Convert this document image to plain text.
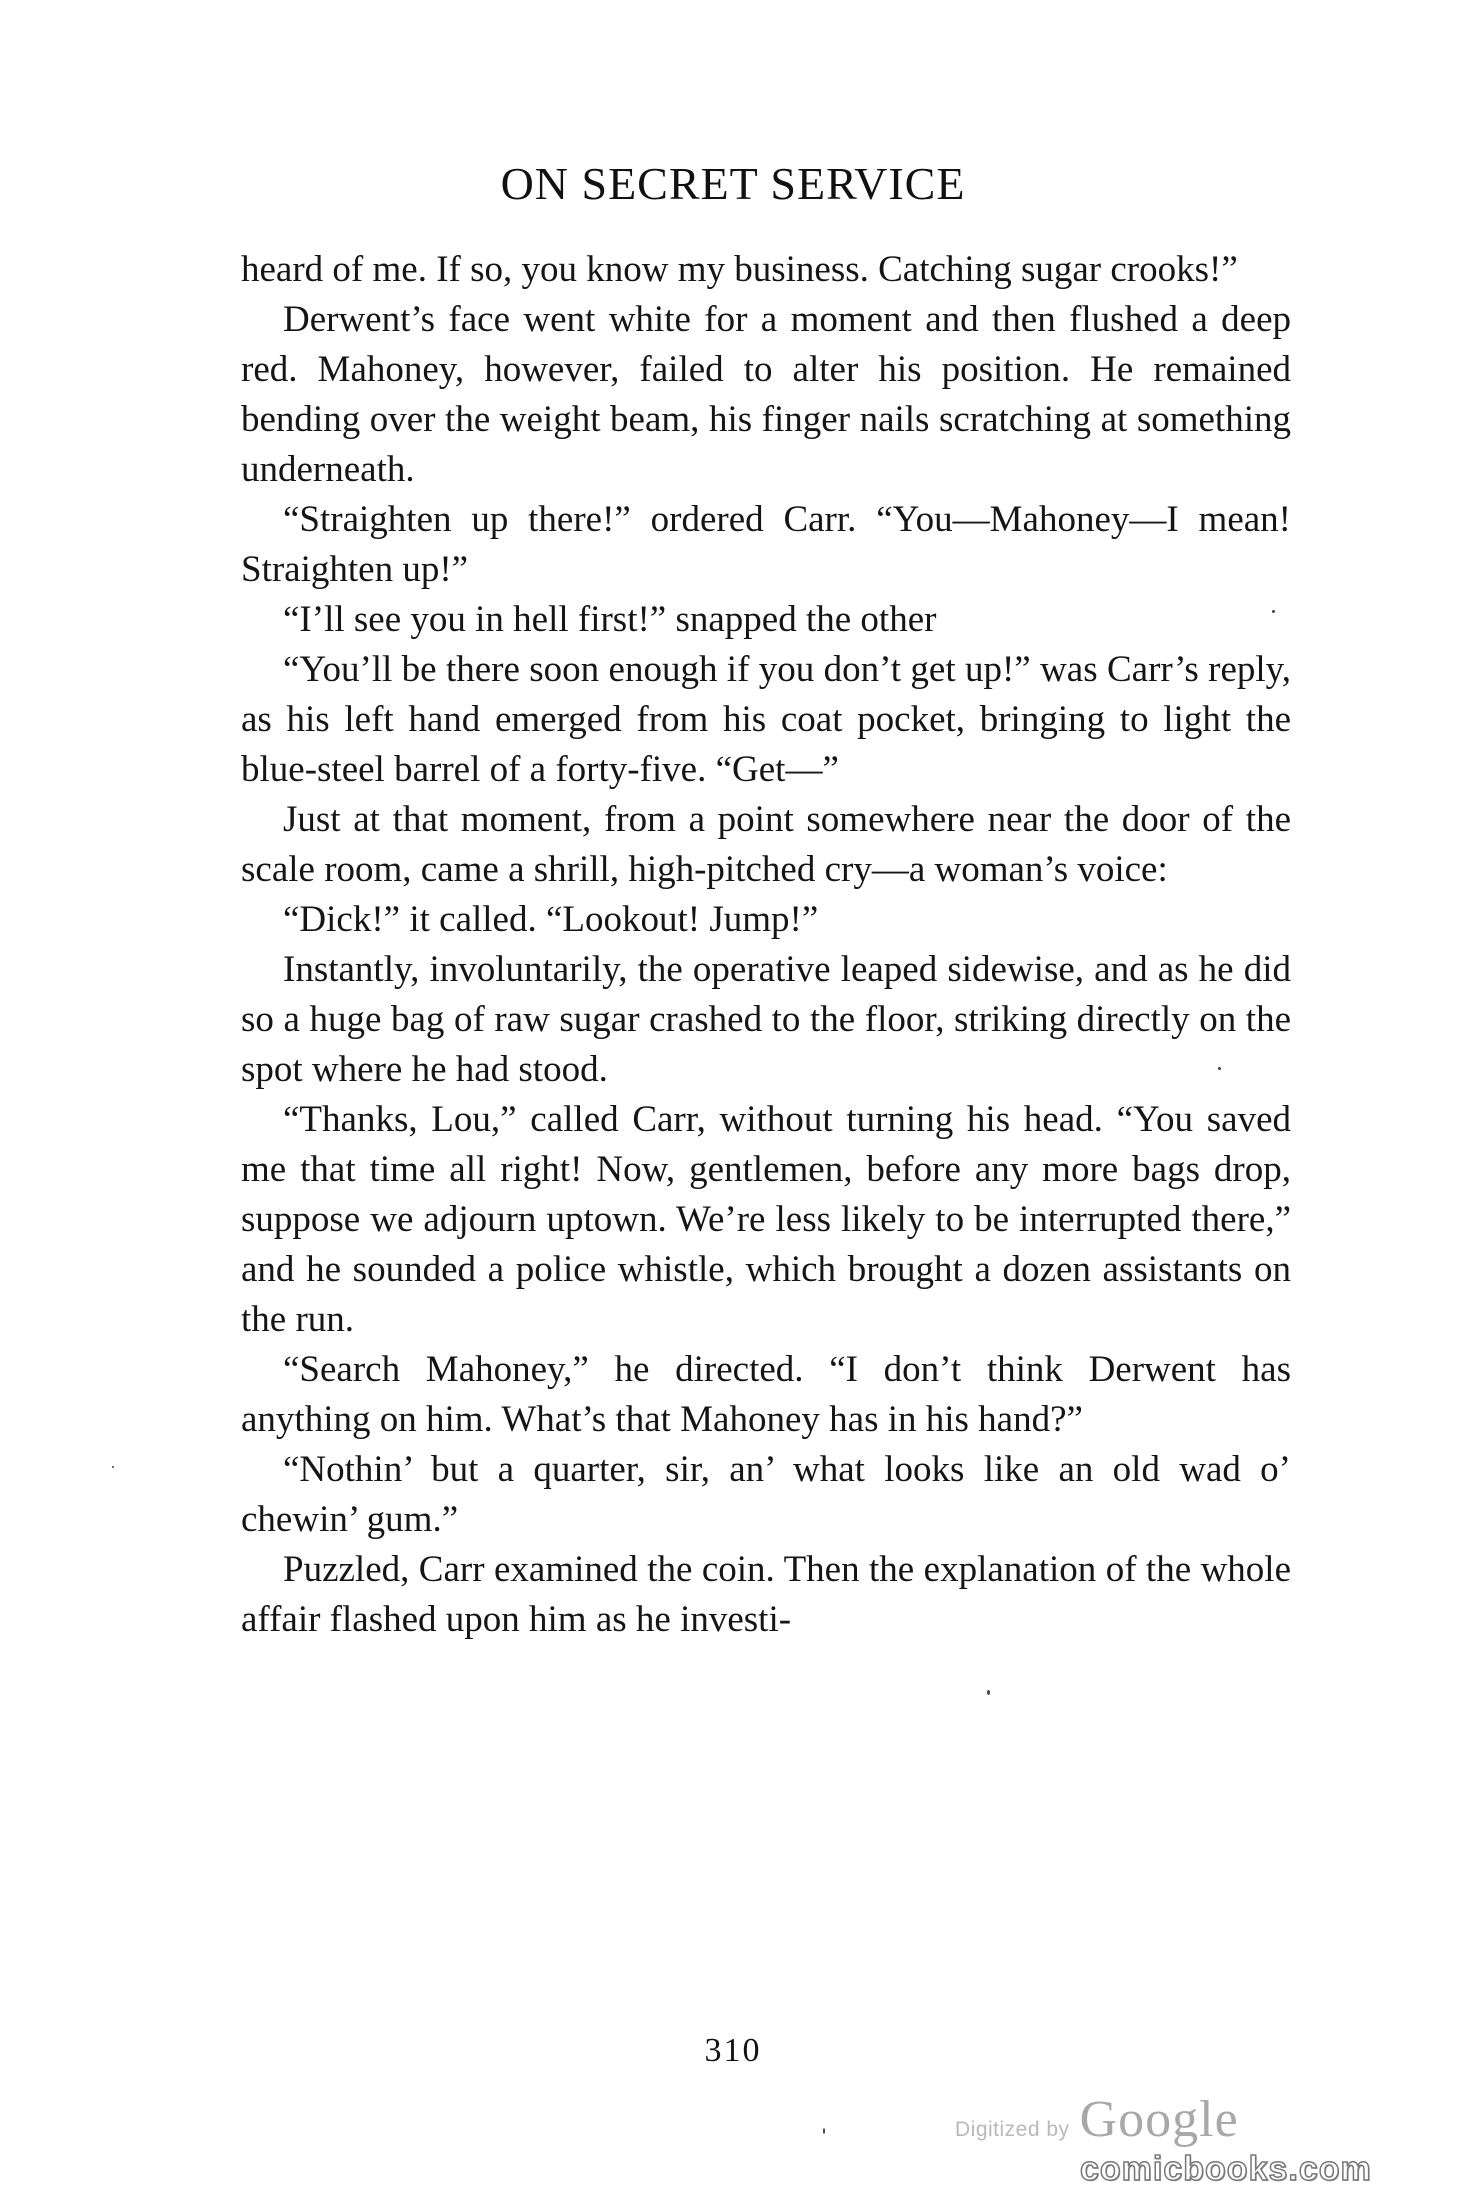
ON SECRET SERVICE

heard of me. If so, you know my business. Catching sugar crooks!”

Derwent’s face went white for a moment and then flushed a deep red. Mahoney, however, failed to alter his position. He remained bending over the weight beam, his finger nails scratching at something underneath.

“Straighten up there!” ordered Carr. “You—Mahoney—I mean! Straighten up!”

“I’ll see you in hell first!” snapped the other

“You’ll be there soon enough if you don’t get up!” was Carr’s reply, as his left hand emerged from his coat pocket, bringing to light the blue-steel barrel of a forty-five. “Get—”

Just at that moment, from a point somewhere near the door of the scale room, came a shrill, high-pitched cry—a woman’s voice:

“Dick!” it called. “Lookout! Jump!”

Instantly, involuntarily, the operative leaped sidewise, and as he did so a huge bag of raw sugar crashed to the floor, striking directly on the spot where he had stood.

“Thanks, Lou,” called Carr, without turning his head. “You saved me that time all right! Now, gentlemen, before any more bags drop, suppose we adjourn uptown. We’re less likely to be interrupted there,” and he sounded a police whistle, which brought a dozen assistants on the run.

“Search Mahoney,” he directed. “I don’t think Derwent has anything on him. What’s that Mahoney has in his hand?”

“Nothin’ but a quarter, sir, an’ what looks like an old wad o’ chewin’ gum.”

Puzzled, Carr examined the coin. Then the explanation of the whole affair flashed upon him as he investi-

310
Digitized by Google
comicbooks.com
